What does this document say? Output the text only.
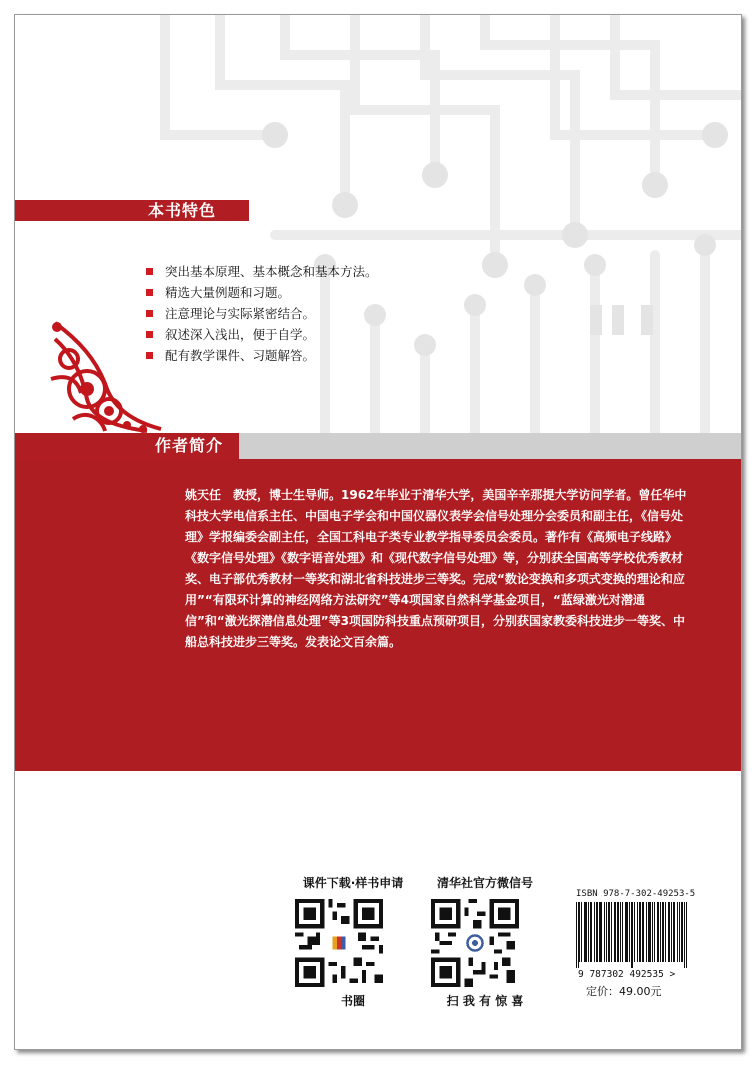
本书特色
突出基本原理、基本概念和基本方法。
精选大量例题和习题。
注意理论与实际紧密结合。
叙述深入浅出，便于自学。
配有教学课件、习题解答。
作者简介

姚天任　教授，博士生导师。1962年毕业于清华大学，美国辛辛那提大学访问学者。曾任华中科技大学电信系主任、中国电子学会和中国仪器仪表学会信号处理分会委员和副主任，《信号处理》学报编委会副主任，全国工科电子类专业教学指导委员会委员。著作有《高频电子线路》《数字信号处理》《数字语音处理》和《现代数字信号处理》等，分别获全国高等学校优秀教材奖、电子部优秀教材一等奖和湖北省科技进步三等奖。完成“数论变换和多项式变换的理论和应用”“有限环计算的神经网络方法研究”等4项国家自然科学基金项目，“蓝绿激光对潜通信”和“激光探潜信息处理”等3项国防科技重点预研项目，分别获国家教委科技进步一等奖、中船总科技进步三等奖。发表论文百余篇。

课件下载·样书申请
书圈
清华社官方微信号
扫 我 有 惊 喜
ISBN 978-7-302-49253-5
9 787302 492535 >
定价：49.00元
